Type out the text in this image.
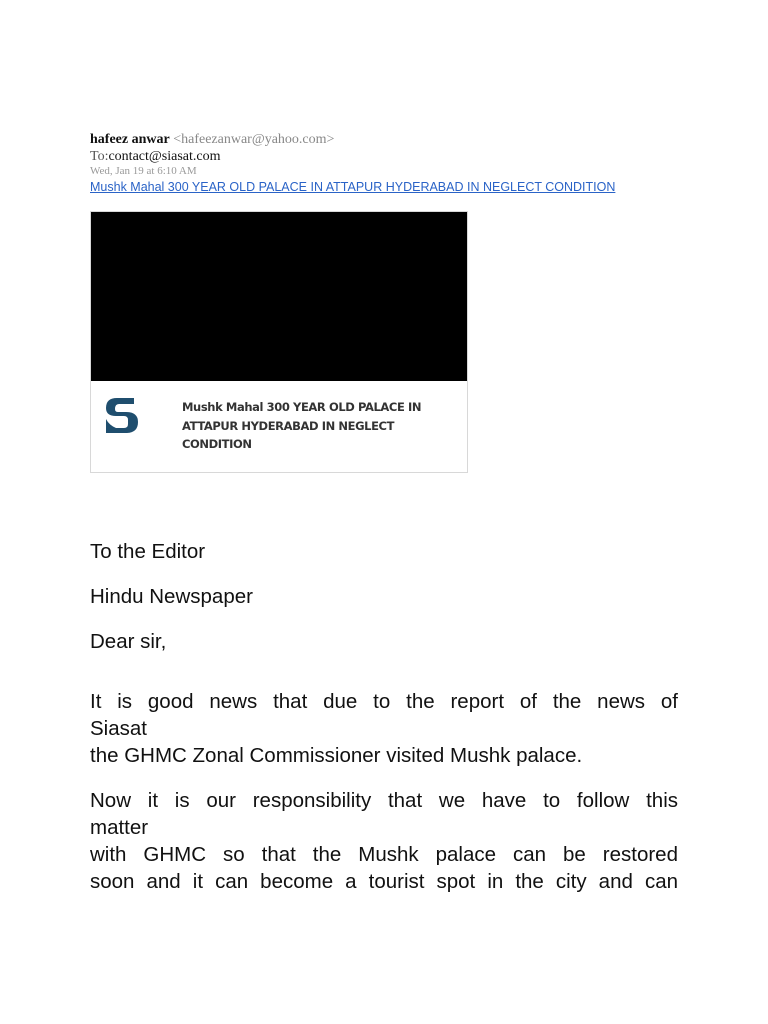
hafeez anwar <hafeezanwar@yahoo.com>
To:contact@siasat.com
Wed, Jan 19 at 6:10 AM
Mushk Mahal 300 YEAR OLD PALACE IN ATTAPUR HYDERABAD IN NEGLECT CONDITION
Mushk Mahal 300 YEAR OLD PALACE IN ATTAPUR HYDERABAD IN NEGLECT CONDITION

To the Editor

Hindu Newspaper

Dear sir,

It is good news that due to the report of the news of

Siasat

the GHMC Zonal Commissioner visited Mushk palace.

Now it is our responsibility that we have to follow this

matter

with GHMC so that the Mushk palace can be restored

soon and it can become a tourist spot in the city and can
